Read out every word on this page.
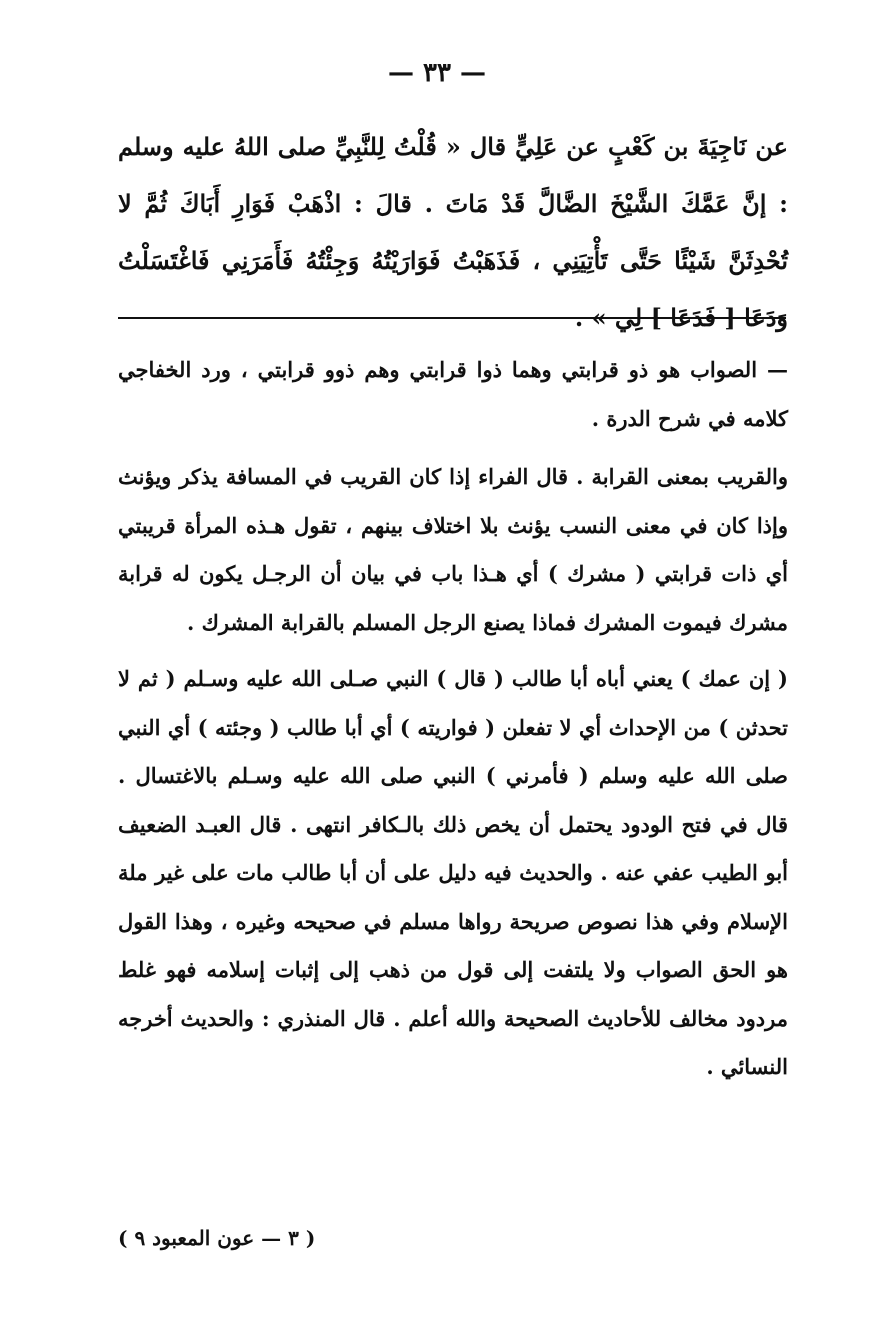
— ٣٣ —
عن نَاجِيَةَ بن كَعْبٍ عن عَلِيٍّ قال « قُلْتُ لِلنَّبِيِّ صلى اللهُ عليه وسلم : إنَّ عَمَّكَ الشَّيْخَ الضَّالَّ قَدْ مَاتَ . قالَ : اذْهَبْ فَوَارِ أَبَاكَ ثُمَّ لا تُحْدِثَنَّ شَيْئًا حَتَّى تَأْتِيَنِي ، فَذَهَبْتُ فَوَارَيْتُهُ وَجِئْتُهُ فَأَمَرَنِي فَاغْتَسَلْتُ وَدَعَا [ فَدَعَا ] لِي » .

— الصواب هو ذو قرابتي وهما ذوا قرابتي وهم ذوو قرابتي ، ورد الخفاجي كلامه في شرح الدرة .

والقريب بمعنى القرابة . قال الفراء إذا كان القريب في المسافة يذكر ويؤنث وإذا كان في معنى النسب يؤنث بلا اختلاف بينهم ، تقول هـذه المرأة قريبتي أي ذات قرابتي ( مشرك ) أي هـذا باب في بيان أن الرجـل يكون له قرابة مشرك فيموت المشرك فماذا يصنع الرجل المسلم بالقرابة المشرك .

( إن عمك ) يعني أباه أبا طالب ( قال ) النبي صـلى الله عليه وسـلم ( ثم لا تحدثن ) من الإحداث أي لا تفعلن ( فواريته ) أي أبا طالب ( وجئته ) أي النبي صلى الله عليه وسلم ( فأمرني ) النبي صلى الله عليه وسـلم بالاغتسال . قال في فتح الودود يحتمل أن يخص ذلك بالـكافر انتهى . قال العبـد الضعيف أبو الطيب عفي عنه . والحديث فيه دليل على أن أبا طالب مات على غير ملة الإسلام وفي هذا نصوص صريحة رواها مسلم في صحيحه وغيره ، وهذا القول هو الحق الصواب ولا يلتفت إلى قول من ذهب إلى إثبات إسلامه فهو غلط مردود مخالف للأحاديث الصحيحة والله أعلم . قال المنذري : والحديث أخرجه النسائي .

( ٣ — عون المعبود ٩ )
